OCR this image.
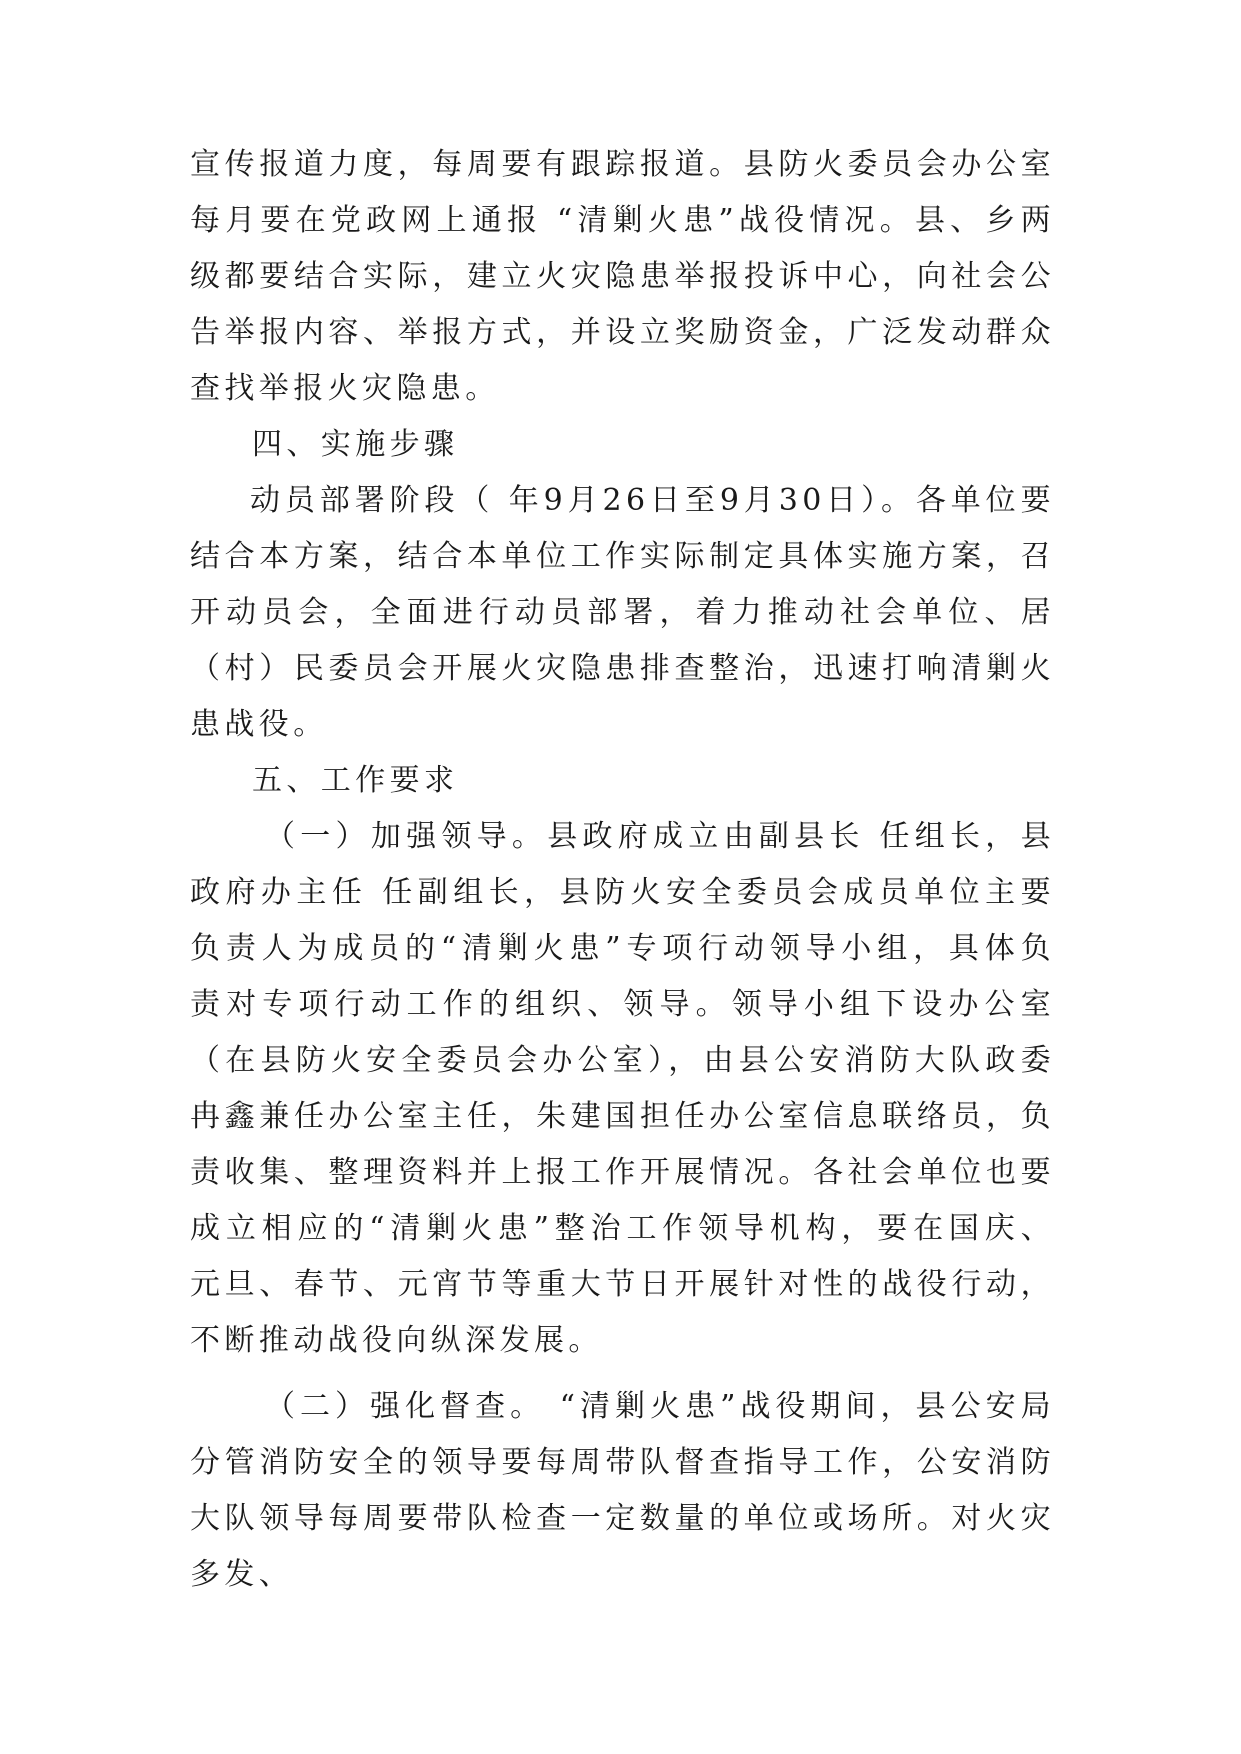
宣传报道力度，每周要有跟踪报道。县防火委员会办公室每月要在党政网上通报 “清剿火患”战役情况。县、乡两级都要结合实际，建立火灾隐患举报投诉中心，向社会公告举报内容、举报方式，并设立奖励资金，广泛发动群众查找举报火灾隐患。

四、实施步骤

动员部署阶段（ 年9月26日至9月30日）。各单位要结合本方案，结合本单位工作实际制定具体实施方案，召开动员会，全面进行动员部署，着力推动社会单位、居（村）民委员会开展火灾隐患排查整治，迅速打响清剿火患战役。

五、工作要求

（一）加强领导。县政府成立由副县长 任组长，县政府办主任 任副组长，县防火安全委员会成员单位主要负责人为成员的“清剿火患”专项行动领导小组，具体负责对专项行动工作的组织、领导。领导小组下设办公室（在县防火安全委员会办公室），由县公安消防大队政委冉鑫兼任办公室主任，朱建国担任办公室信息联络员，负责收集、整理资料并上报工作开展情况。各社会单位也要成立相应的“清剿火患”整治工作领导机构，要在国庆、元旦、春节、元宵节等重大节日开展针对性的战役行动，不断推动战役向纵深发展。

（二）强化督查。 “清剿火患”战役期间，县公安局分管消防安全的领导要每周带队督查指导工作，公安消防大队领导每周要带队检查一定数量的单位或场所。对火灾多发、
